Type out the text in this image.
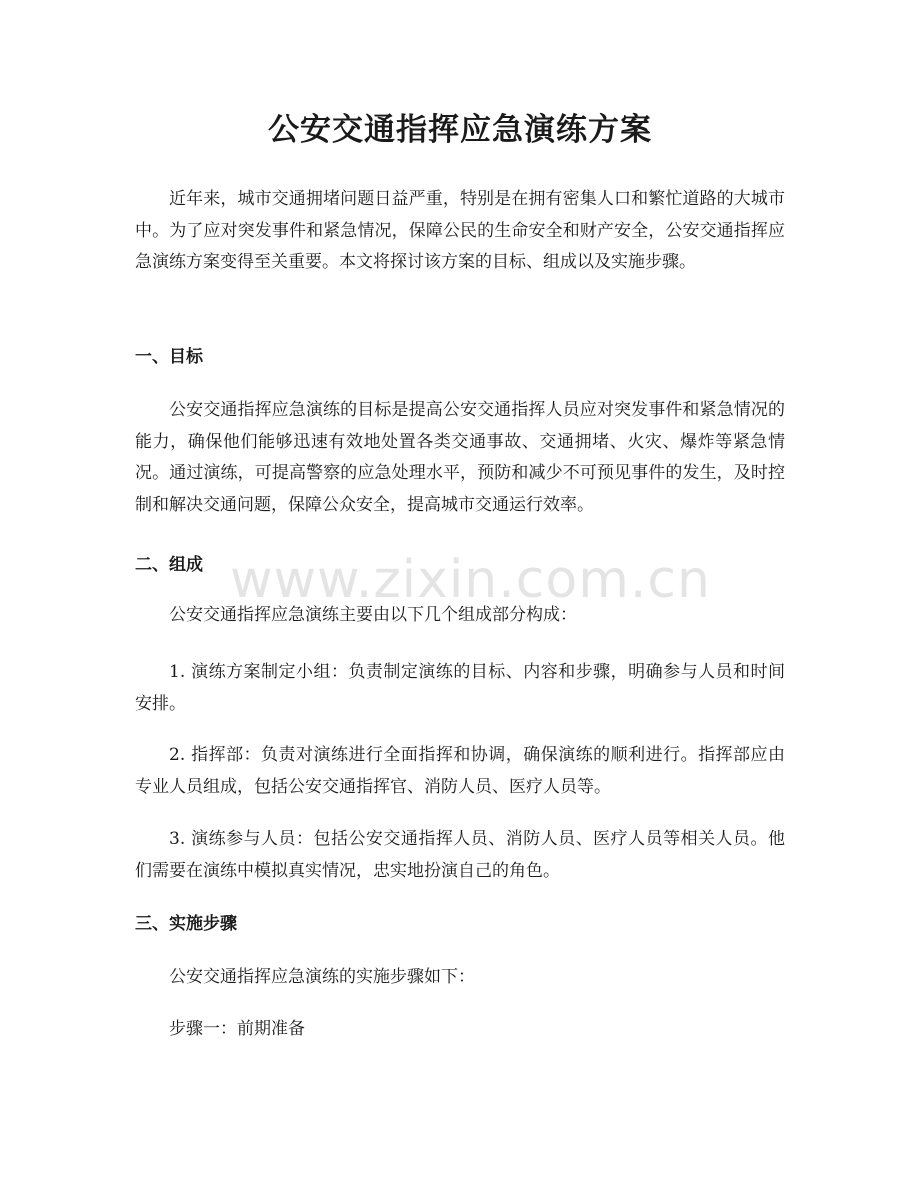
公安交通指挥应急演练方案

近年来，城市交通拥堵问题日益严重，特别是在拥有密集人口和繁忙道路的大城市中。为了应对突发事件和紧急情况，保障公民的生命安全和财产安全，公安交通指挥应急演练方案变得至关重要。本文将探讨该方案的目标、组成以及实施步骤。

一、目标

公安交通指挥应急演练的目标是提高公安交通指挥人员应对突发事件和紧急情况的能力，确保他们能够迅速有效地处置各类交通事故、交通拥堵、火灾、爆炸等紧急情况。通过演练，可提高警察的应急处理水平，预防和减少不可预见事件的发生，及时控制和解决交通问题，保障公众安全，提高城市交通运行效率。

二、组成

公安交通指挥应急演练主要由以下几个组成部分构成：

1. 演练方案制定小组：负责制定演练的目标、内容和步骤，明确参与人员和时间安排。

2. 指挥部：负责对演练进行全面指挥和协调，确保演练的顺利进行。指挥部应由专业人员组成，包括公安交通指挥官、消防人员、医疗人员等。

3. 演练参与人员：包括公安交通指挥人员、消防人员、医疗人员等相关人员。他们需要在演练中模拟真实情况，忠实地扮演自己的角色。

三、实施步骤

公安交通指挥应急演练的实施步骤如下：

步骤一：前期准备

www.zixin.com.cn
